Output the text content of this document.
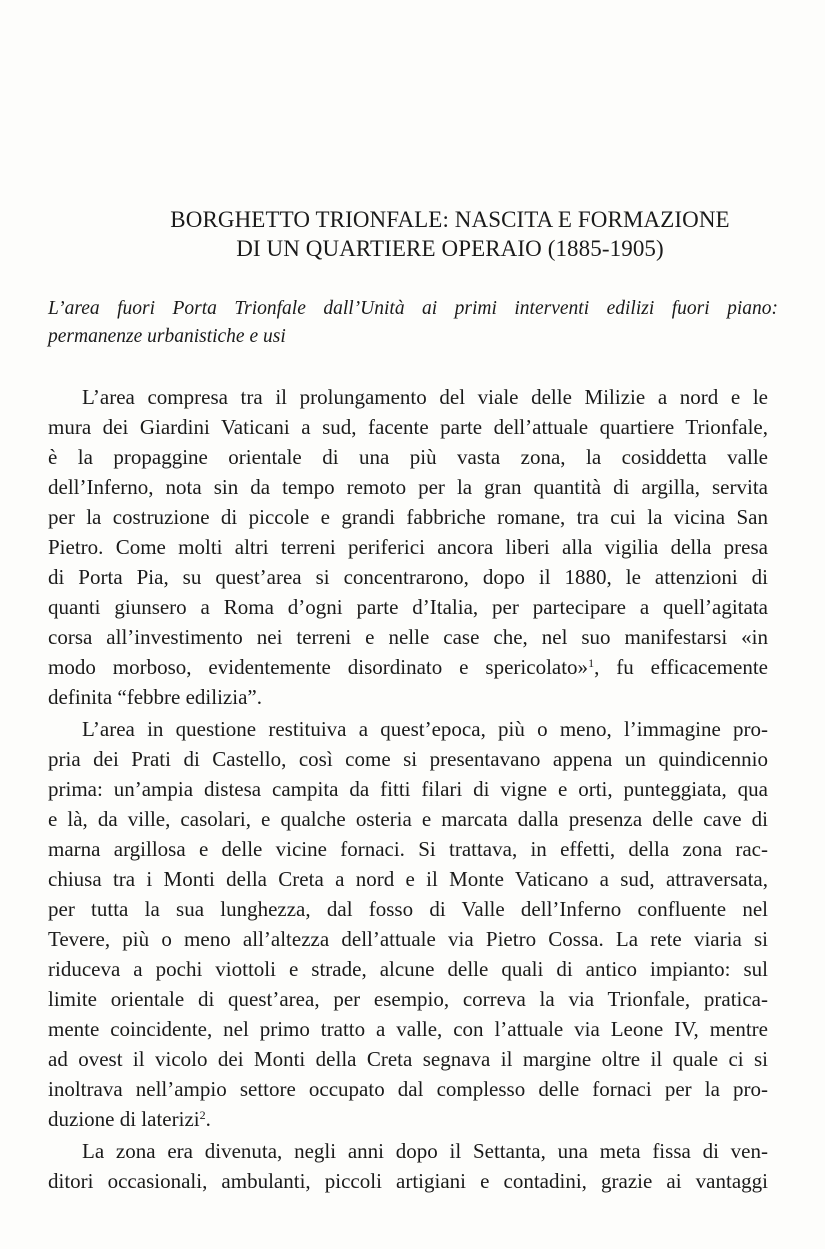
BORGHETTO TRIONFALE: NASCITA E FORMAZIONE
DI UN QUARTIERE OPERAIO (1885-1905)

L’area fuori Porta Trionfale dall’Unità ai primi interventi edilizi fuori piano:

permanenze urbanistiche e usi

L’area compresa tra il prolungamento del viale delle Milizie a nord e le

mura dei Giardini Vaticani a sud, facente parte dell’attuale quartiere Trionfale,

è la propaggine orientale di una più vasta zona, la cosiddetta valle

dell’Inferno, nota sin da tempo remoto per la gran quantità di argilla, servita

per la costruzione di piccole e grandi fabbriche romane, tra cui la vicina San

Pietro. Come molti altri terreni periferici ancora liberi alla vigilia della presa

di Porta Pia, su quest’area si concentrarono, dopo il 1880, le attenzioni di

quanti giunsero a Roma d’ogni parte d’Italia, per partecipare a quell’agitata

corsa all’investimento nei terreni e nelle case che, nel suo manifestarsi «in

modo morboso, evidentemente disordinato e spericolato»$^1$, fu efficacemente

definita “febbre edilizia”.

L’area in questione restituiva a quest’epoca, più o meno, l’immagine pro-

pria dei Prati di Castello, così come si presentavano appena un quindicennio

prima: un’ampia distesa campita da fitti filari di vigne e orti, punteggiata, qua

e là, da ville, casolari, e qualche osteria e marcata dalla presenza delle cave di

marna argillosa e delle vicine fornaci. Si trattava, in effetti, della zona rac-

chiusa tra i Monti della Creta a nord e il Monte Vaticano a sud, attraversata,

per tutta la sua lunghezza, dal fosso di Valle dell’Inferno confluente nel

Tevere, più o meno all’altezza dell’attuale via Pietro Cossa. La rete viaria si

riduceva a pochi viottoli e strade, alcune delle quali di antico impianto: sul

limite orientale di quest’area, per esempio, correva la via Trionfale, pratica-

mente coincidente, nel primo tratto a valle, con l’attuale via Leone IV, mentre

ad ovest il vicolo dei Monti della Creta segnava il margine oltre il quale ci si

inoltrava nell’ampio settore occupato dal complesso delle fornaci per la pro-

duzione di laterizi$^2$.

La zona era divenuta, negli anni dopo il Settanta, una meta fissa di ven-

ditori occasionali, ambulanti, piccoli artigiani e contadini, grazie ai vantaggi
